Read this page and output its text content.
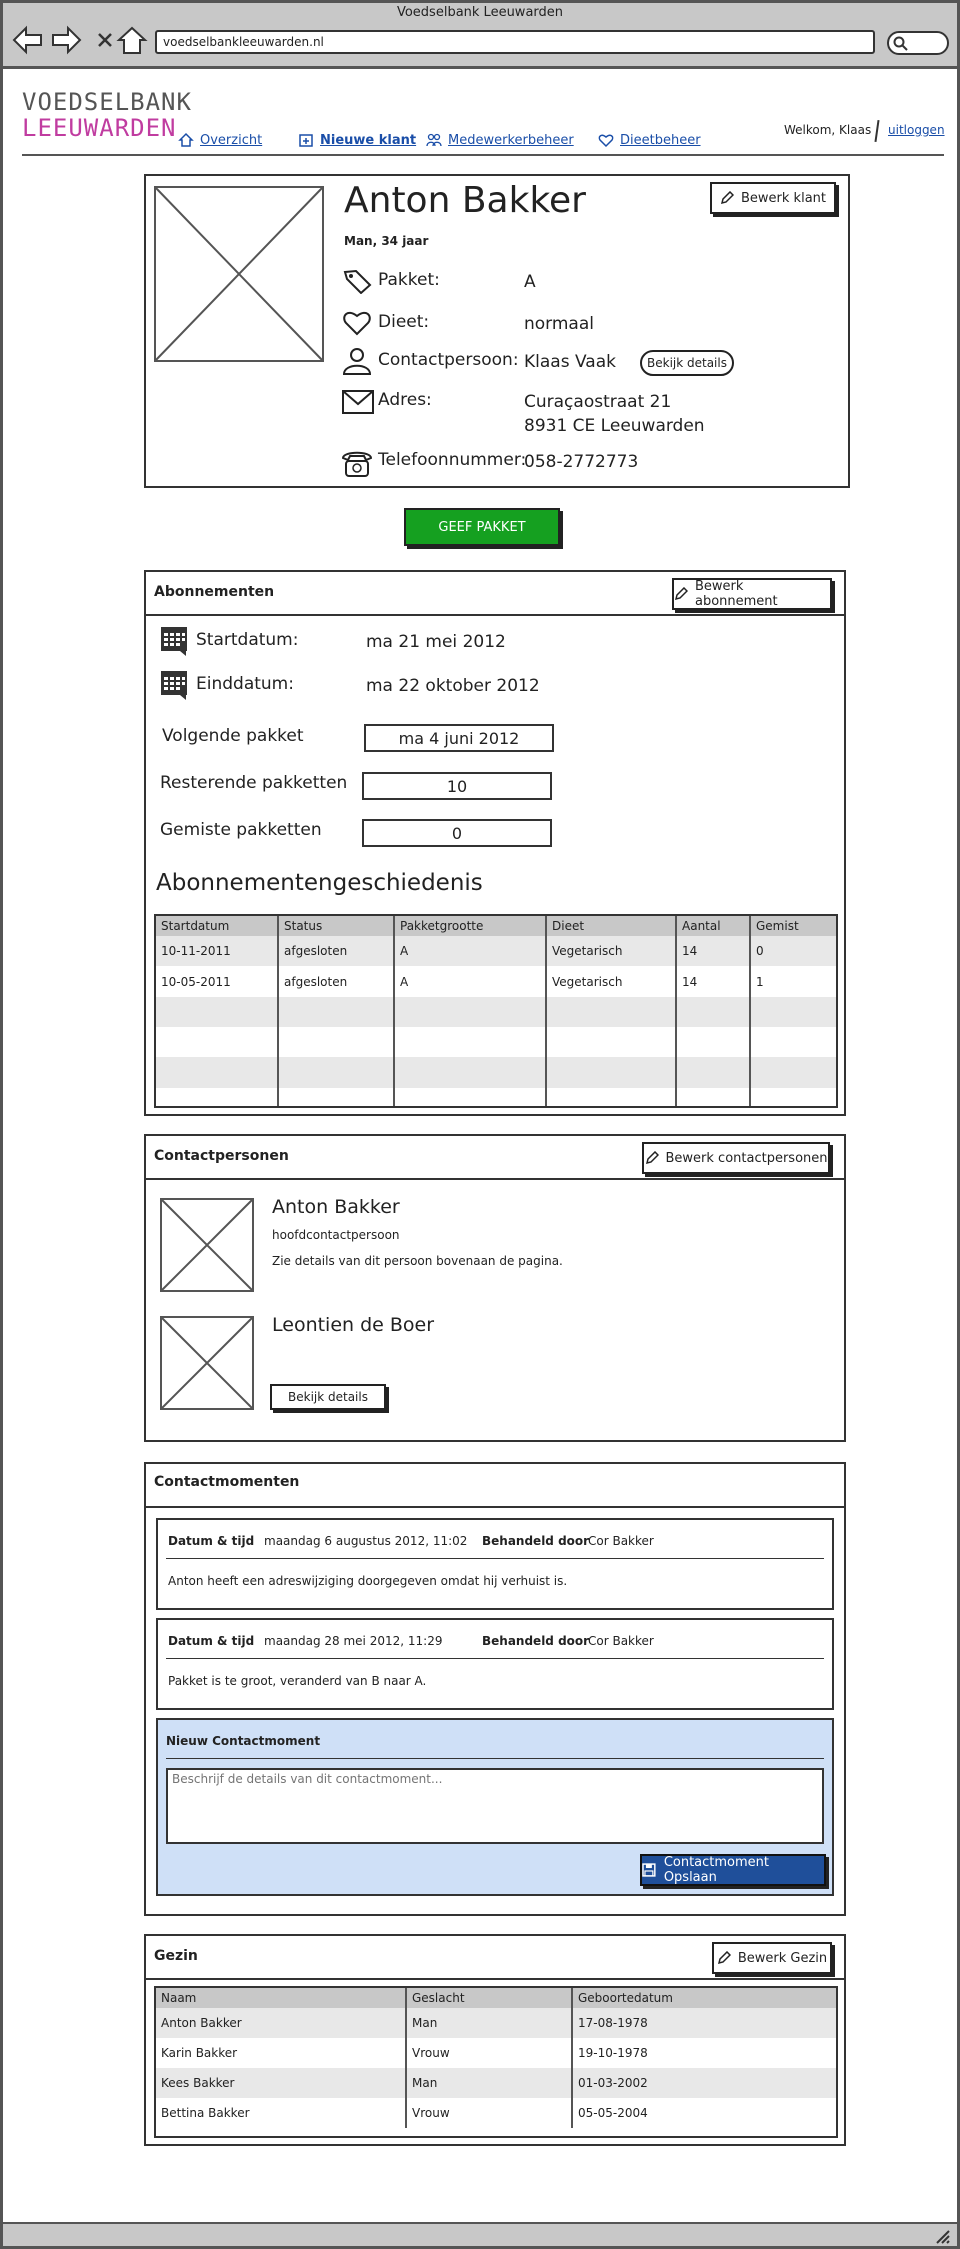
Voedselbank Leeuwarden
voedselbankleeuwarden.nl
VOEDSELBANK
LEEUWARDEN Overzicht	Nieuwe klant Medewerkerbeheer	Dieetbeheer
Welkom, Klaas uitloggen
Anton Bakker
Man, 34 jaar
Bewerk klant
Pakket:	A
Dieet:	normaal
Contactpersoon: Klaas Vaak	Bekijk details
Adres:	Curaçaostraat 21
8931 CE Leeuwarden
Telefoonnummer:
058-2772773
GEEF PAKKET
Abonnementen	Bewerk abonnement
Startdatum:	ma 21 mei 2012
Einddatum:	ma 22 oktober 2012
Volgende pakket	ma 4 juni 2012
Resterende pakketten	10
Gemiste pakketten	0
Abonnementengeschiedenis
Startdatum	Status	Pakketgrootte	Dieet	Aantal	Gemist
10-11-2011	afgesloten	A	Vegetarisch	14	0
10-05-2011	afgesloten	A	Vegetarisch	14	1

Contactpersonen	Bewerk contactpersonen
Anton Bakker
hoofdcontactpersoon
Zie details van dit persoon bovenaan de pagina.
Leontien de Boer
Bekijk details
Contactmomenten
Datum & tijd maandag 6 augustus 2012, 11:02 Behandeld door
Cor Bakker
Anton heeft een adreswijziging doorgegeven omdat hij verhuist is.
Datum & tijd maandag 28 mei 2012, 11:29	Behandeld door
Cor Bakker
Pakket is te groot, veranderd van B naar A.
Nieuw Contactmoment
Beschrijf de details van dit contactmoment...
Contactmoment Opslaan
Gezin	Bewerk Gezin
Naam	Geslacht	Geboortedatum
Anton Bakker	Man	17-08-1978
Karin Bakker	Vrouw	19-10-1978
Kees Bakker	Man	01-03-2002
Bettina Bakker	Vrouw	05-05-2004
